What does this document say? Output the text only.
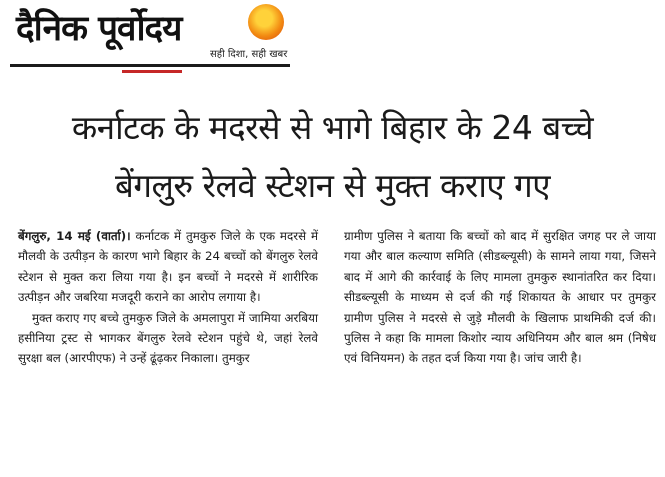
दैनिक पूर्वोदय
सही दिशा, सही खबर
कर्नाटक के मदरसे से भागे बिहार के 24 बच्चे
बेंगलुरु रेलवे स्टेशन से मुक्त कराए गए

बेंगलुरु, 14 मई (वार्ता)। कर्नाटक में तुमकुरु जिले के एक मदरसे में मौलवी के उत्पीड़न के कारण भागे बिहार के 24 बच्चों को बेंगलुरु रेलवे स्टेशन से मुक्त करा लिया गया है। इन बच्चों ने मदरसे में शारीरिक उत्पीड़न और जबरिया मजदूरी कराने का आरोप लगाया है।

मुक्त कराए गए बच्चे तुमकुरु जिले के अमलापुरा में जामिया अरबिया हसीनिया ट्रस्ट से भागकर बेंगलुरु रेलवे स्टेशन पहुंचे थे, जहां रेलवे सुरक्षा बल (आरपीएफ) ने उन्हें ढूंढ़कर निकाला। तुमकुर

ग्रामीण पुलिस ने बताया कि बच्चों को बाद में सुरक्षित जगह पर ले जाया गया और बाल कल्याण समिति (सीडब्ल्यूसी) के सामने लाया गया, जिसने बाद में आगे की कार्रवाई के लिए मामला तुमकुरु स्थानांतरित कर दिया। सीडब्ल्यूसी के माध्यम से दर्ज की गई शिकायत के आधार पर तुमकुर ग्रामीण पुलिस ने मदरसे से जुड़े मौलवी के खिलाफ प्राथमिकी दर्ज की। पुलिस ने कहा कि मामला किशोर न्याय अधिनियम और बाल श्रम (निषेध एवं विनियमन) के तहत दर्ज किया गया है। जांच जारी है।
